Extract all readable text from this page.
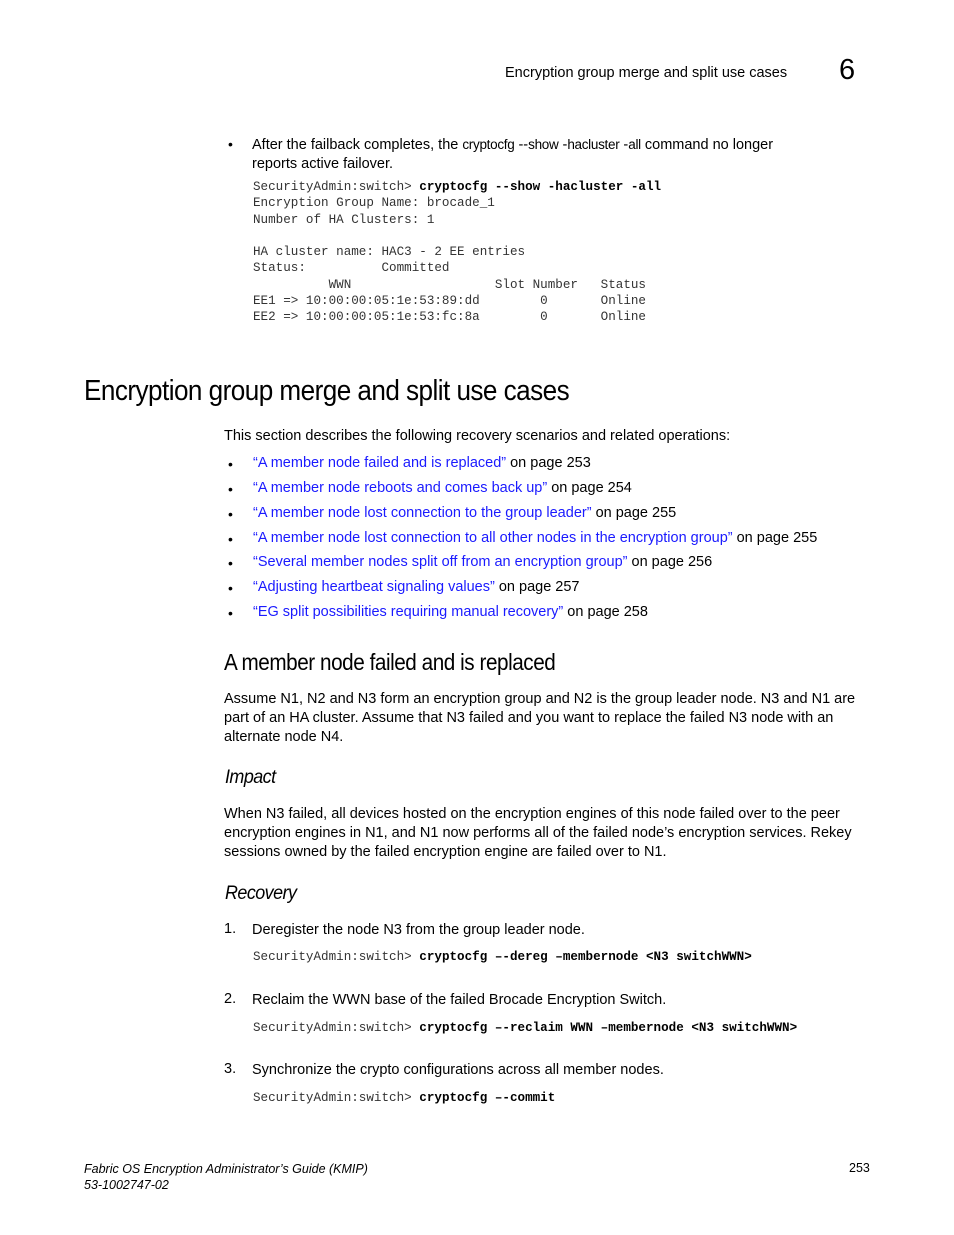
Encryption group merge and split use cases 6
• After the failback completes, the cryptocfg --show -hacluster -all command no longer
reports active failover.
SecurityAdmin:switch> cryptocfg --show -hacluster -all
Encryption Group Name: brocade_1
Number of HA Clusters: 1

HA cluster name: HAC3 - 2 EE entries
Status:          Committed
WWN                   Slot Number   Status
EE1 => 10:00:00:05:1e:53:89:dd        0       Online
EE2 => 10:00:00:05:1e:53:fc:8a        0       Online
Encryption group merge and split use cases
This section describes the following recovery scenarios and related operations:
• “A member node failed and is replaced” on page 253
• “A member node reboots and comes back up” on page 254
• “A member node lost connection to the group leader” on page 255
• “A member node lost connection to all other nodes in the encryption group” on page 255
• “Several member nodes split off from an encryption group” on page 256
• “Adjusting heartbeat signaling values” on page 257
• “EG split possibilities requiring manual recovery” on page 258
A member node failed and is replaced
Assume N1, N2 and N3 form an encryption group and N2 is the group leader node. N3 and N1 are
part of an HA cluster. Assume that N3 failed and you want to replace the failed N3 node with an
alternate node N4.
Impact
When N3 failed, all devices hosted on the encryption engines of this node failed over to the peer
encryption engines in N1, and N1 now performs all of the failed node’s encryption services. Rekey
sessions owned by the failed encryption engine are failed over to N1.
Recovery
1. Deregister the node N3 from the group leader node.
SecurityAdmin:switch> cryptocfg –-dereg –membernode <N3 switchWWN>
2. Reclaim the WWN base of the failed Brocade Encryption Switch.
SecurityAdmin:switch> cryptocfg –-reclaim WWN –membernode <N3 switchWWN>
3. Synchronize the crypto configurations across all member nodes.
SecurityAdmin:switch> cryptocfg –-commit
Fabric OS Encryption Administrator’s Guide (KMIP)
53-1002747-02
253
